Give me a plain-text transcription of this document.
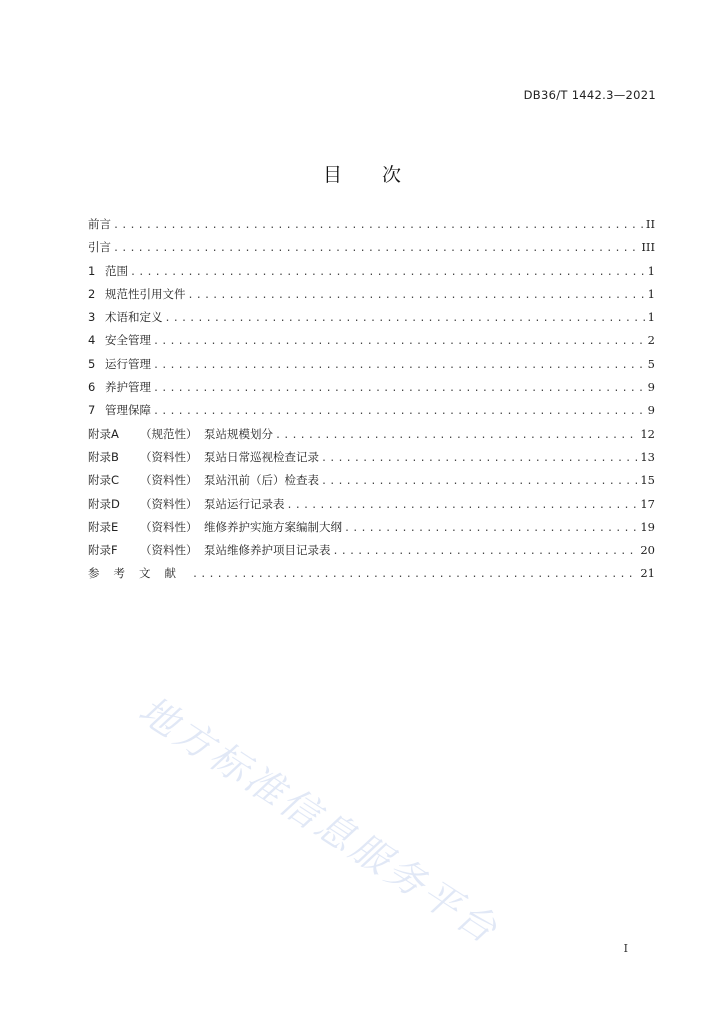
DB36/T 1442.3—2021
目次
前言 .....	II
引言 .....	III
1 范围 .....	1
2 规范性引用文件 .....	1
3 术语和定义 .....	1
4 安全管理 .....	2
5 运行管理 .....	5
6 养护管理 .....	9
7 管理保障 .....	9
附录A （规范性） 泵站规模划分 .....	12
附录B （资料性） 泵站日常巡视检查记录 .....	13
附录C （资料性） 泵站汛前（后）检查表 .....	15
附录D （资料性） 泵站运行记录表 .....	17
附录E （资料性） 维修养护实施方案编制大纲 .....	19
附录F （资料性） 泵站维修养护项目记录表 .....	20
参考文献 .....	21
地方标准信息服务平台	I
